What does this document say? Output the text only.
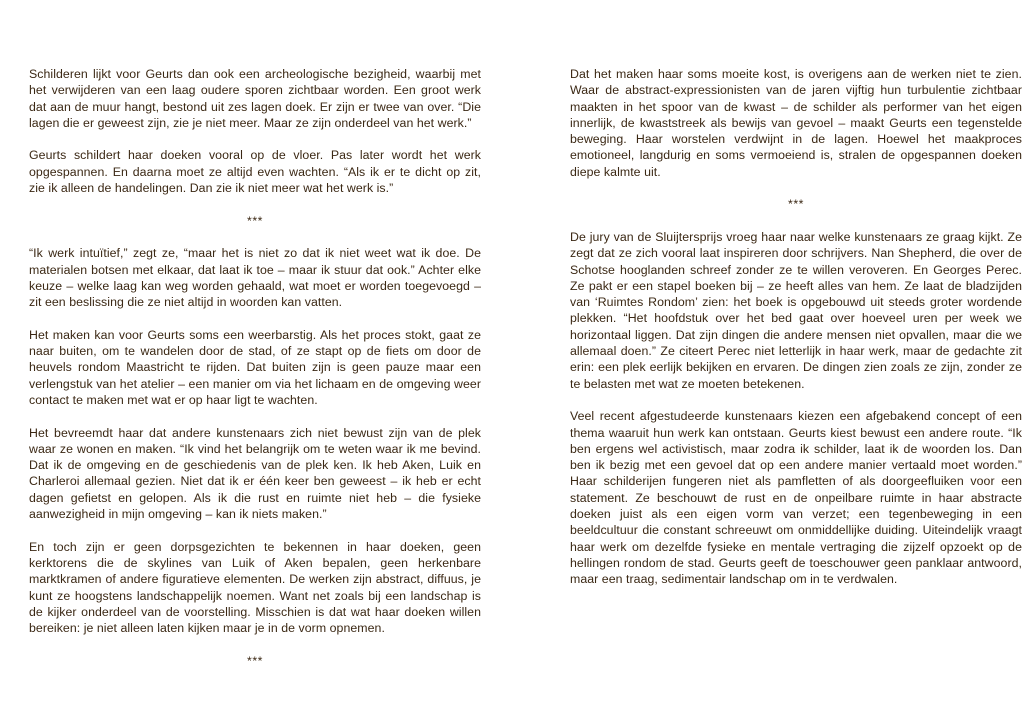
Schilderen lijkt voor Geurts dan ook een archeologische bezigheid, waarbij met het verwijderen van een laag oudere sporen zichtbaar worden. Een groot werk dat aan de muur hangt, bestond uit zes lagen doek. Er zijn er twee van over. “Die lagen die er geweest zijn, zie je niet meer. Maar ze zijn onderdeel van het werk.”

Geurts schildert haar doeken vooral op de vloer. Pas later wordt het werk opgespannen. En daarna moet ze altijd even wachten. “Als ik er te dicht op zit, zie ik alleen de handelingen. Dan zie ik niet meer wat het werk is.”

***

“Ik werk intuïtief,” zegt ze, “maar het is niet zo dat ik niet weet wat ik doe. De materialen botsen met elkaar, dat laat ik toe – maar ik stuur dat ook.” Achter elke keuze – welke laag kan weg worden gehaald, wat moet er worden toegevoegd – zit een beslissing die ze niet altijd in woorden kan vatten.

Het maken kan voor Geurts soms een weerbarstig. Als het proces stokt, gaat ze naar buiten, om te wandelen door de stad, of ze stapt op de fiets om door de heuvels rondom Maastricht te rijden. Dat buiten zijn is geen pauze maar een verlengstuk van het atelier – een manier om via het lichaam en de omgeving weer contact te maken met wat er op haar ligt te wachten.

Het bevreemdt haar dat andere kunstenaars zich niet bewust zijn van de plek waar ze wonen en maken. “Ik vind het belangrijk om te weten waar ik me bevind. Dat ik de omgeving en de geschiedenis van de plek ken. Ik heb Aken, Luik en Charleroi allemaal gezien. Niet dat ik er één keer ben geweest – ik heb er echt dagen gefietst en gelopen. Als ik die rust en ruimte niet heb – die fysieke aanwezigheid in mijn omgeving – kan ik niets maken.”

En toch zijn er geen dorpsgezichten te bekennen in haar doeken, geen kerktorens die de skylines van Luik of Aken bepalen, geen herkenbare marktkramen of andere figuratieve elementen. De werken zijn abstract, diffuus, je kunt ze hoogstens landschappelijk noemen. Want net zoals bij een landschap is de kijker onderdeel van de voorstelling. Misschien is dat wat haar doeken willen bereiken: je niet alleen laten kijken maar je in de vorm opnemen.

***

Dat het maken haar soms moeite kost, is overigens aan de werken niet te zien. Waar de abstract-expressionisten van de jaren vijftig hun turbulentie zichtbaar maakten in het spoor van de kwast – de schilder als performer van het eigen innerlijk, de kwaststreek als bewijs van gevoel – maakt Geurts een tegenstelde beweging. Haar worstelen verdwijnt in de lagen. Hoewel het maakproces emotioneel, langdurig en soms vermoeiend is, stralen de opgespannen doeken diepe kalmte uit.

***

De jury van de Sluijtersprijs vroeg haar naar welke kunstenaars ze graag kijkt. Ze zegt dat ze zich vooral laat inspireren door schrijvers. Nan Shepherd, die over de Schotse hooglanden schreef zonder ze te willen veroveren. En Georges Perec. Ze pakt er een stapel boeken bij – ze heeft alles van hem. Ze laat de bladzijden van ‘Ruimtes Rondom’ zien: het boek is opgebouwd uit steeds groter wordende plekken. “Het hoofdstuk over het bed gaat over hoeveel uren per week we horizontaal liggen. Dat zijn dingen die andere mensen niet opvallen, maar die we allemaal doen.” Ze citeert Perec niet letterlijk in haar werk, maar de gedachte zit erin: een plek eerlijk bekijken en ervaren. De dingen zien zoals ze zijn, zonder ze te belasten met wat ze moeten betekenen.

Veel recent afgestudeerde kunstenaars kiezen een afgebakend concept of een thema waaruit hun werk kan ontstaan. Geurts kiest bewust een andere route. “Ik ben ergens wel activistisch, maar zodra ik schilder, laat ik de woorden los. Dan ben ik bezig met een gevoel dat op een andere manier vertaald moet worden.” Haar schilderijen fungeren niet als pamfletten of als doorgeefluiken voor een statement. Ze beschouwt de rust en de onpeilbare ruimte in haar abstracte doeken juist als een eigen vorm van verzet; een tegenbeweging in een beeldcultuur die constant schreeuwt om onmiddellijke duiding. Uiteindelijk vraagt haar werk om dezelfde fysieke en mentale vertraging die zijzelf opzoekt op de hellingen rondom de stad. Geurts geeft de toeschouwer geen panklaar antwoord, maar een traag, sedimentair landschap om in te verdwalen.
